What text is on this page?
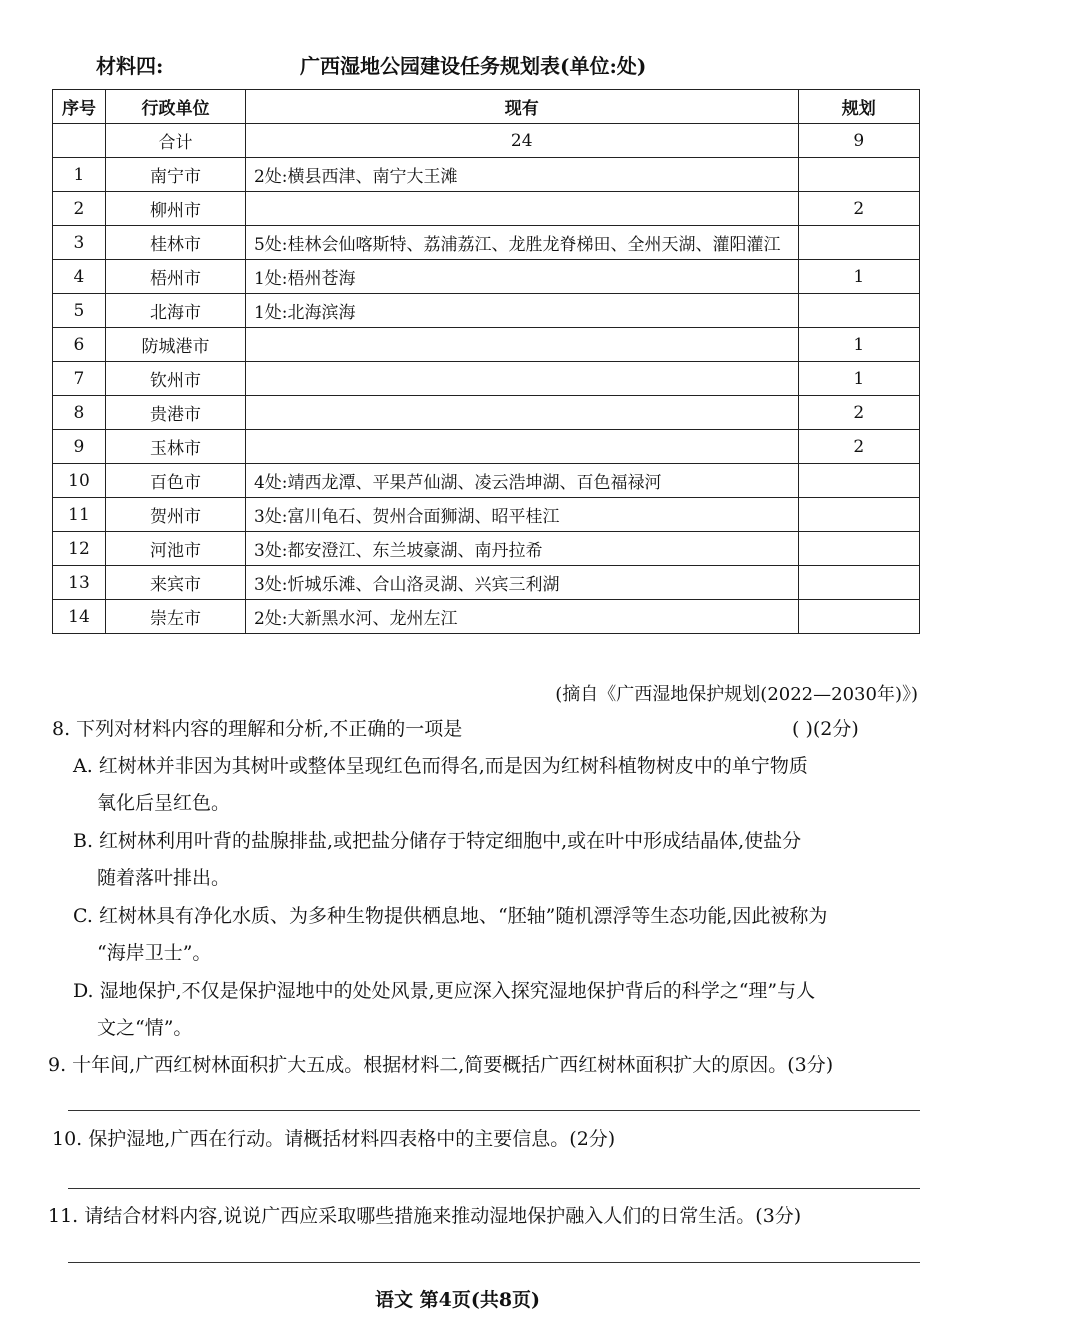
材料四:	广西湿地公园建设任务规划表(单位:处)
序号	行政单位	现有	规划
	合计	24	9
1	南宁市	2处:横县西津、南宁大王滩	
2	柳州市		2
3	桂林市	5处:桂林会仙喀斯特、荔浦荔江、龙胜龙脊梯田、全州天湖、灌阳灌江	
4	梧州市	1处:梧州苍海	1
5	北海市	1处:北海滨海	
6	防城港市		1
7	钦州市		1
8	贵港市		2
9	玉林市		2
10	百色市	4处:靖西龙潭、平果芦仙湖、凌云浩坤湖、百色福禄河	
11	贺州市	3处:富川龟石、贺州合面狮湖、昭平桂江	
12	河池市	3处:都安澄江、东兰坡豪湖、南丹拉希	
13	来宾市	3处:忻城乐滩、合山洛灵湖、兴宾三利湖	
14	崇左市	2处:大新黑水河、龙州左江	
(摘自《广西湿地保护规划(2022—2030年)》)
8. 下列对材料内容的理解和分析,不正确的一项是	( )(2分)
A. 红树林并非因为其树叶或整体呈现红色而得名,而是因为红树科植物树皮中的单宁物质
氧化后呈红色。
B. 红树林利用叶背的盐腺排盐,或把盐分储存于特定细胞中,或在叶中形成结晶体,使盐分
随着落叶排出。
C. 红树林具有净化水质、为多种生物提供栖息地、“胚轴”随机漂浮等生态功能,因此被称为
“海岸卫士”。
D. 湿地保护,不仅是保护湿地中的处处风景,更应深入探究湿地保护背后的科学之“理”与人
文之“情”。
9. 十年间,广西红树林面积扩大五成。根据材料二,简要概括广西红树林面积扩大的原因。(3分)
10. 保护湿地,广西在行动。请概括材料四表格中的主要信息。(2分)
11. 请结合材料内容,说说广西应采取哪些措施来推动湿地保护融入人们的日常生活。(3分)
语文 第4页(共8页)
